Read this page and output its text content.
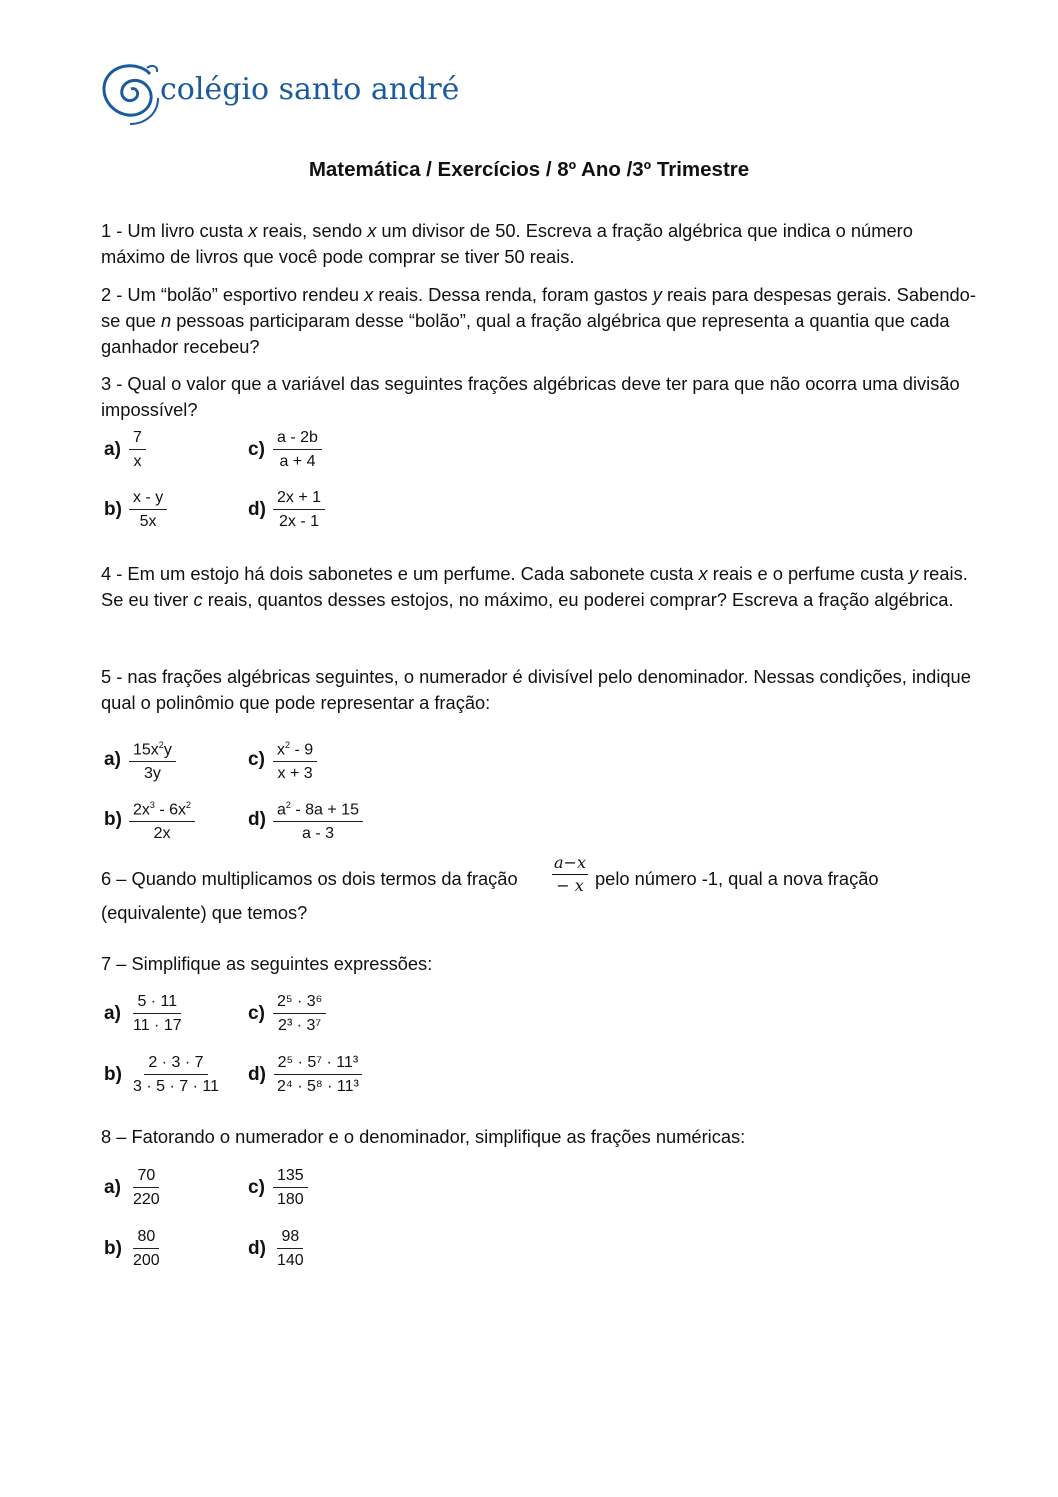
colégio santo andré
Matemática / Exercícios / 8º Ano /3º Trimestre

1 - Um livro custa x reais, sendo x um divisor de 50. Escreva a fração algébrica que indica o número máximo de livros que você pode comprar se tiver 50 reais.

2 - Um “bolão” esportivo rendeu x reais. Dessa renda, foram gastos y reais para despesas gerais. Sabendo-se que n pessoas participaram desse “bolão”, qual a fração algébrica que representa a quantia que cada ganhador recebeu?

3 - Qual o valor que a variável das seguintes frações algébricas deve ter para que não ocorra uma divisão impossível?

$a) \frac{7}{x}$	$c) \frac{a - 2b}{a + 4}$
$b) \frac{x - y}{5x}$	$d) \frac{2x + 1}{2x - 1}$

4 - Em um estojo há dois sabonetes e um perfume. Cada sabonete custa x reais e o perfume custa y reais. Se eu tiver c reais, quantos desses estojos, no máximo, eu poderei comprar? Escreva a fração algébrica.

5 - nas frações algébricas seguintes, o numerador é divisível pelo denominador. Nessas condições, indique qual o polinômio que pode representar a fração:

$a) \frac{15x^2y}{3y}$	$c) \frac{x^2 - 9}{x + 3}$
$b) \frac{2x^3 - 6x^2}{2x}$	$d) \frac{a^2 - 8a + 15}{a - 3}$

6 – Quando multiplicamos os dois termos da fração

a−x
− x pelo número -1, qual a nova fração

(equivalente) que temos?

7 – Simplifique as seguintes expressões:

$a) \frac{5 \cdot 11}{11 \cdot 17}$	$c) \frac{\text{2⁵ · 3⁶}}{\text{2³ · 3⁷}}$
$b) \frac{2 \cdot 3 \cdot 7}{3 \cdot 5 \cdot 7 \cdot 11} d) \frac{\text{2⁵ · 5⁷ · 11³}}{\text{2⁴ · 5⁸ · 11³}}$

8 – Fatorando o numerador e o denominador, simplifique as frações numéricas:

$a) \frac{70}{220}$	$c) \frac{135}{180}$
$b) \frac{80}{200}$	$d) \frac{98}{140}$
